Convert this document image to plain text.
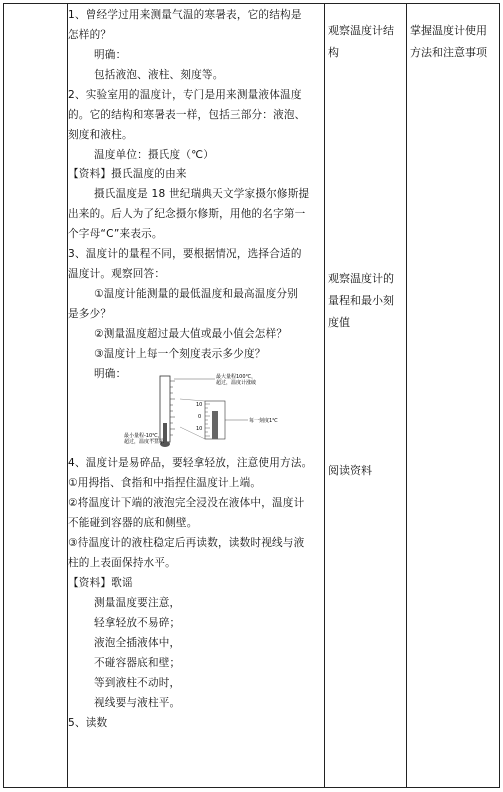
1、曾经学过用来测量气温的寒暑表，它的结构是
怎样的？
明确：
包括液泡、液柱、刻度等。
2、实验室用的温度计，专门是用来测量液体温度
的。它的结构和寒暑表一样，包括三部分：液泡、
刻度和液柱。
温度单位：摄氏度（℃）
【资料】摄氏温度的由来
摄氏温度是 18 世纪瑞典天文学家摄尔修斯提
出来的。后人为了纪念摄尔修斯，用他的名字第一
个字母“C”来表示。
3、温度计的量程不同，要根据情况，选择合适的
温度计。观察回答：
①温度计能测量的最低温度和最高温度分别
是多少？
②测量温度超过最大值或最小值会怎样？
③温度计上每一个刻度表示多少度？
明确：
10
0
10
最大量程100℃，
超过，温度计涨破
每一刻度1℃
最小量程-10℃，
超过，温度不显示
4、温度计是易碎品，要轻拿轻放，注意使用方法。
①用拇指、食指和中指捏住温度计上端。
②将温度计下端的液泡完全浸没在液体中，温度计
不能碰到容器的底和侧壁。
③待温度计的液柱稳定后再读数，读数时视线与液
柱的上表面保持水平。
【资料】歌谣
测量温度要注意，
轻拿轻放不易碎；
液泡全插液体中，
不碰容器底和壁；
等到液柱不动时，
视线要与液柱平。
5、读数
观察温度计结
构
观察温度计的
量程和最小刻
度值
阅读资料
掌握温度计使用
方法和注意事项
